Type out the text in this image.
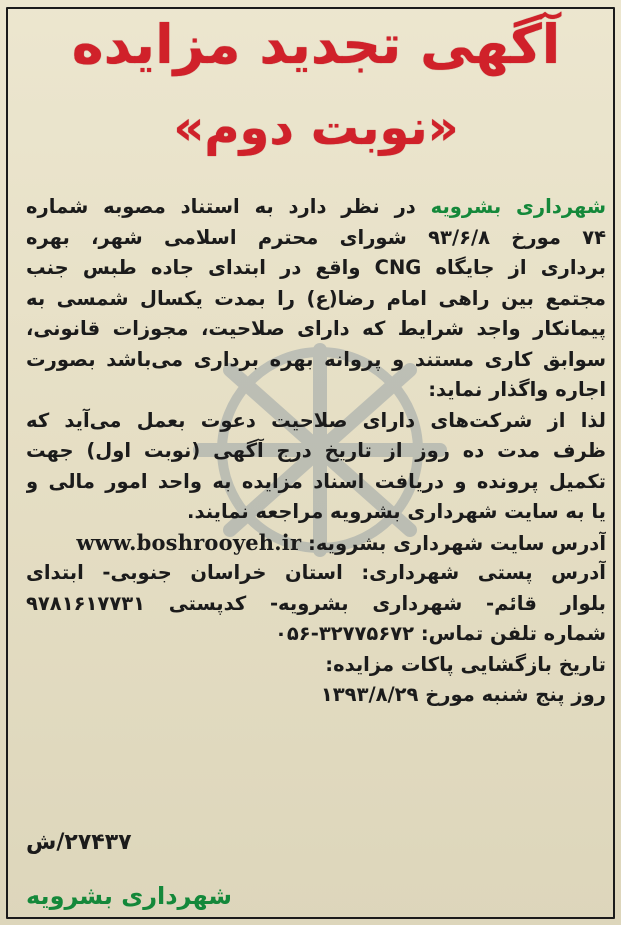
آگهی تجدید مزایده
«نوبت دوم»
شهرداری بشرویه در نظر دارد به استناد مصوبه شماره
۷۴ مورخ ۹۳/۶/۸ شورای محترم اسلامی شهر، بهره
برداری از جایگاه CNG واقع در ابتدای جاده طبس جنب
مجتمع بین راهی امام رضا(ع) را بمدت یکسال شمسی به
پیمانکار واجد شرایط که دارای صلاحیت، مجوزات قانونی،
سوابق کاری مستند و پروانه بهره برداری می‌باشد بصورت
اجاره واگذار نماید:
لذا از شرکت‌های دارای صلاحیت دعوت بعمل می‌آید که
ظرف مدت ده روز از تاریخ درج آگهی (نوبت اول) جهت
تکمیل پرونده و دریافت اسناد مزایده به واحد امور مالی و
یا به سایت شهرداری بشرویه مراجعه نمایند.
آدرس سایت شهرداری بشرویه: www.boshrooyeh.ir
آدرس پستی شهرداری: استان خراسان جنوبی- ابتدای
بلوار قائم- شهرداری بشرویه- کدپستی ۹۷۸۱۶۱۷۷۳۱
شماره تلفن تماس: ۳۲۷۷۵۶۷۲-۰۵۶
تاریخ بازگشایی پاکات مزایده:
روز پنج شنبه مورخ ۱۳۹۳/۸/۲۹
۲۷۴۳۷/ش
شهرداری بشرویه
